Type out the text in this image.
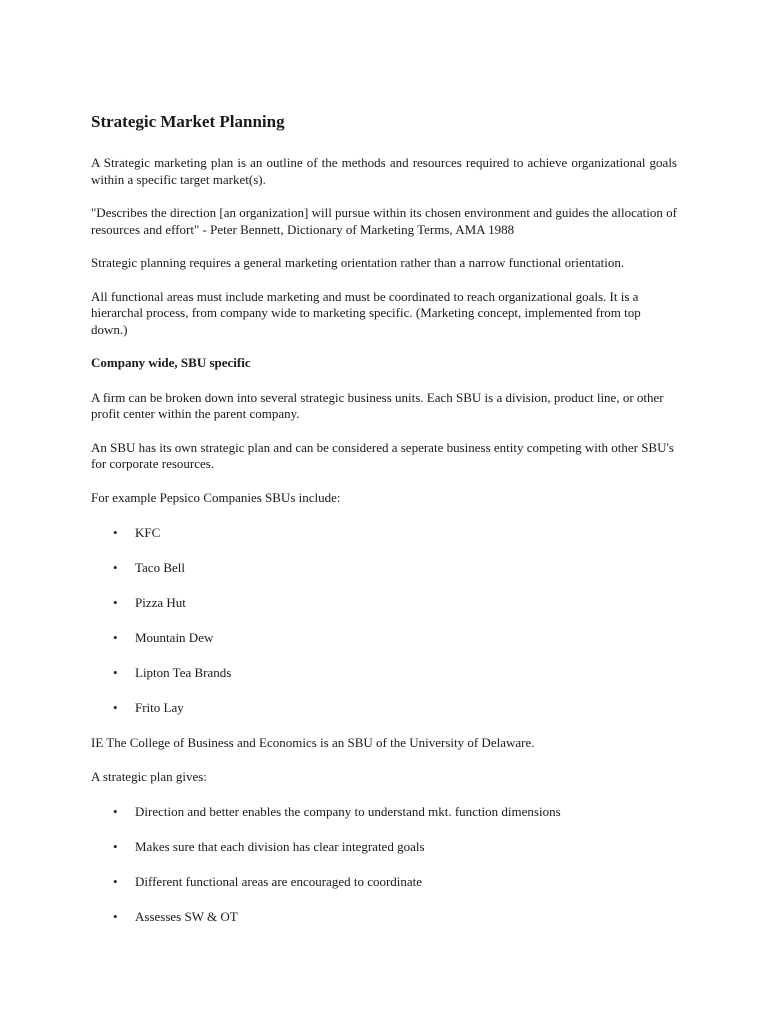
Strategic Market Planning

A Strategic marketing plan is an outline of the methods and resources required to achieve organizational goals within a specific target market(s).

"Describes the direction [an organization] will pursue within its chosen environment and guides the allocation of resources and effort" - Peter Bennett, Dictionary of Marketing Terms, AMA 1988

Strategic planning requires a general marketing orientation rather than a narrow functional orientation.

All functional areas must include marketing and must be coordinated to reach organizational goals. It is a hierarchal process, from company wide to marketing specific. (Marketing concept, implemented from top down.)

Company wide, SBU specific

A firm can be broken down into several strategic business units. Each SBU is a division, product line, or other profit center within the parent company.

An SBU has its own strategic plan and can be considered a seperate business entity competing with other SBU's for corporate resources.

For example Pepsico Companies SBUs include:

• KFC
• Taco Bell
• Pizza Hut
• Mountain Dew
• Lipton Tea Brands
• Frito Lay

IE The College of Business and Economics is an SBU of the University of Delaware.

A strategic plan gives:

• Direction and better enables the company to understand mkt. function dimensions
• Makes sure that each division has clear integrated goals
• Different functional areas are encouraged to coordinate
• Assesses SW & OT
